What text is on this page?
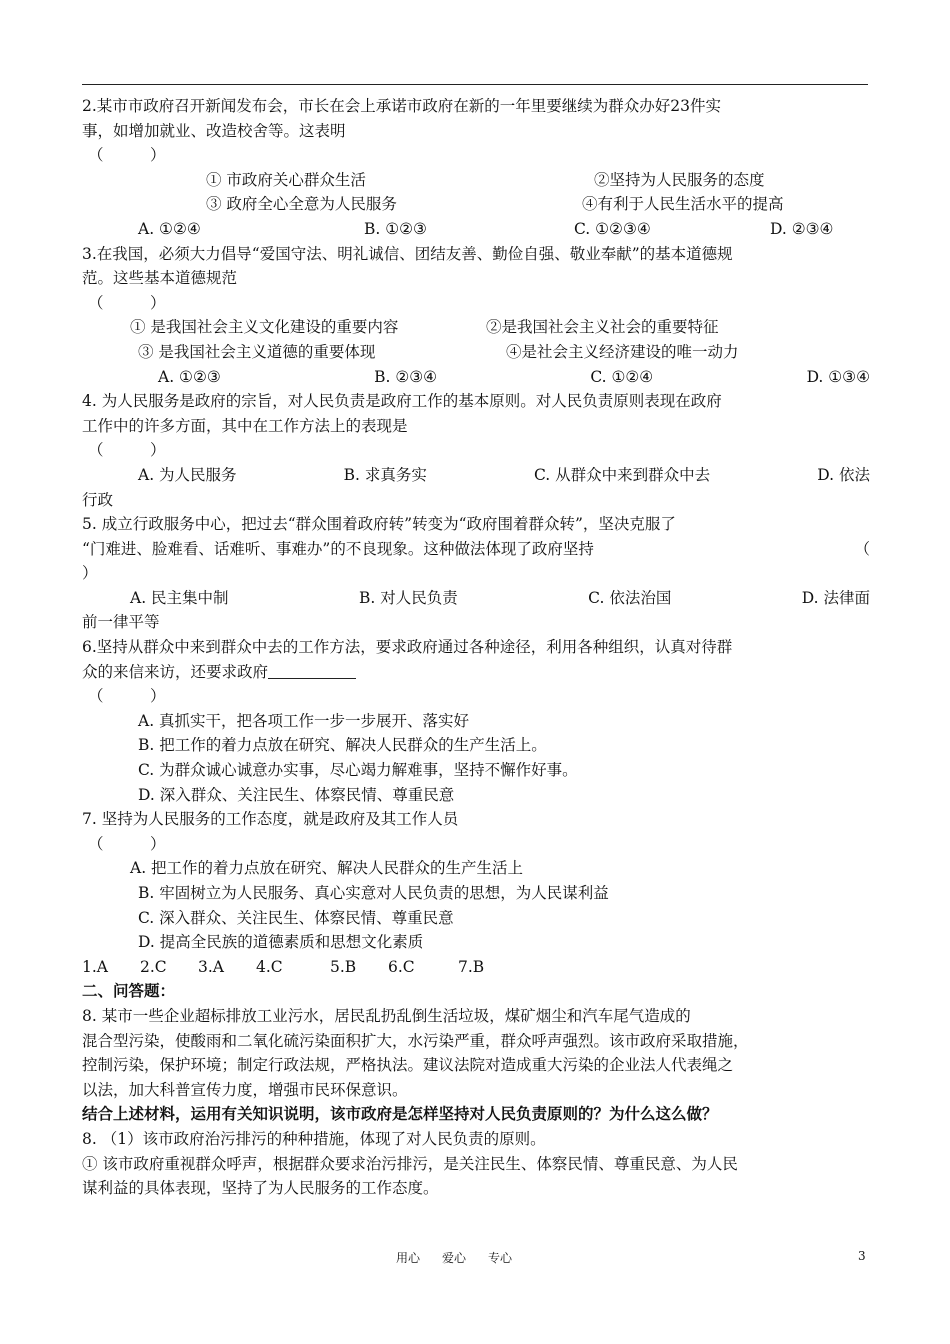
2.某市市政府召开新闻发布会，市长在会上承诺市政府在新的一年里要继续为群众办好23件实
事，如增加就业、改造校舍等。这表明
（　　　）
① 市政府关心群众生活	②坚持为人民服务的态度
③ 政府全心全意为人民服务	④有利于人民生活水平的提高
A. ①②④	B. ①②③	C. ①②③④	D. ②③④
3.在我国，必须大力倡导“爱国守法、明礼诚信、团结友善、勤俭自强、敬业奉献”的基本道德规
范。这些基本道德规范
（　　　）
① 是我国社会主义文化建设的重要内容	②是我国社会主义社会的重要特征
③ 是我国社会主义道德的重要体现	④是社会主义经济建设的唯一动力
A. ①②③	B. ②③④	C. ①②④	D. ①③④
4. 为人民服务是政府的宗旨，对人民负责是政府工作的基本原则。对人民负责原则表现在政府
工作中的许多方面，其中在工作方法上的表现是
（　　　）
A. 为人民服务	B. 求真务实	C. 从群众中来到群众中去	D. 依法
行政
5. 成立行政服务中心，把过去“群众围着政府转”转变为“政府围着群众转”，坚决克服了
“门难进、脸难看、话难听、事难办”的不良现象。这种做法体现了政府坚持	（
）
A. 民主集中制	B. 对人民负责	C. 依法治国	D. 法律面
前一律平等
6.坚持从群众中来到群众中去的工作方法，要求政府通过各种途径，利用各种组织，认真对待群
众的来信来访，还要求政府
（　　　）
A. 真抓实干，把各项工作一步一步展开、落实好
B. 把工作的着力点放在研究、解决人民群众的生产生活上。
C. 为群众诚心诚意办实事，尽心竭力解难事，坚持不懈作好事。
D. 深入群众、关注民生、体察民情、尊重民意
7. 坚持为人民服务的工作态度，就是政府及其工作人员
（　　　）
A. 把工作的着力点放在研究、解决人民群众的生产生活上
B. 牢固树立为人民服务、真心实意对人民负责的思想，为人民谋利益
C. 深入群众、关注民生、体察民情、尊重民意
D. 提高全民族的道德素质和思想文化素质
1.A 2.C 3.A 4.C	5.B 6.C	7.B
二、问答题：
8. 某市一些企业超标排放工业污水，居民乱扔乱倒生活垃圾，煤矿烟尘和汽车尾气造成的
混合型污染，使酸雨和二氧化硫污染面积扩大，水污染严重，群众呼声强烈。该市政府采取措施，
控制污染，保护环境；制定行政法规，严格执法。建议法院对造成重大污染的企业法人代表绳之
以法，加大科普宣传力度，增强市民环保意识。
结合上述材料，运用有关知识说明，该市政府是怎样坚持对人民负责原则的？为什么这么做？
8. （1）该市政府治污排污的种种措施，体现了对人民负责的原则。
① 该市政府重视群众呼声，根据群众要求治污排污，是关注民生、体察民情、尊重民意、为人民
谋利益的具体表现，坚持了为人民服务的工作态度。
用心 爱心 专心	3
